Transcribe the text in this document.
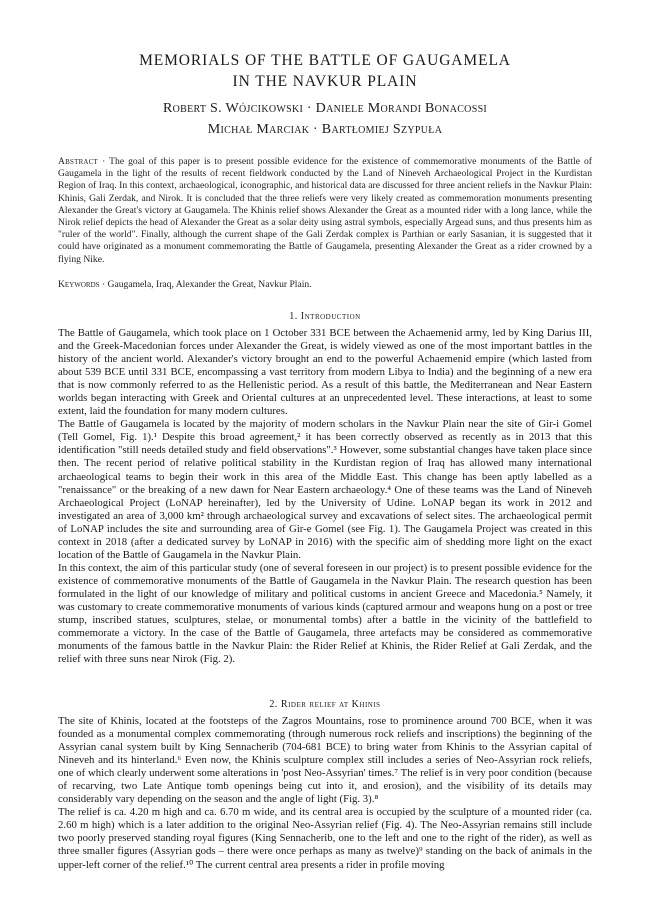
MEMORIALS OF THE BATTLE OF GAUGAMELA
IN THE NAVKUR PLAIN
Robert S. Wójcikowski · Daniele Morandi Bonacossi
Michał Marciak · Bartłomiej Szypuła
Abstract · The goal of this paper is to present possible evidence for the existence of commemorative monuments of the Battle of Gaugamela in the light of the results of recent fieldwork conducted by the Land of Nineveh Archaeological Project in the Kurdistan Region of Iraq. In this context, archaeological, iconographic, and historical data are discussed for three ancient reliefs in the Navkur Plain: Khinis, Gali Zerdak, and Nirok. It is concluded that the three reliefs were very likely created as commemoration monuments presenting Alexander the Great's victory at Gaugamela. The Khinis relief shows Alexander the Great as a mounted rider with a long lance, while the Nirok relief depicts the head of Alexander the Great as a solar deity using astral symbols, especially Argead suns, and thus presents him as "ruler of the world". Finally, although the current shape of the Gali Zerdak complex is Parthian or early Sasanian, it is suggested that it could have originated as a monument commemorating the Battle of Gaugamela, presenting Alexander the Great as a rider crowned by a flying Nike.
Keywords · Gaugamela, Iraq, Alexander the Great, Navkur Plain.
1. Introduction

The Battle of Gaugamela, which took place on 1 October 331 BCE between the Achaemenid army, led by King Darius III, and the Greek-Macedonian forces under Alexander the Great, is widely viewed as one of the most important battles in the history of the ancient world. Alexander's victory brought an end to the powerful Achaemenid empire (which lasted from about 539 BCE until 331 BCE, encompassing a vast territory from modern Libya to India) and the beginning of a new era that is now commonly referred to as the Hellenistic period. As a result of this battle, the Mediterranean and Near Eastern worlds began interacting with Greek and Oriental cultures at an unprecedented level. These interactions, at least to some extent, laid the foundation for many modern cultures.

The Battle of Gaugamela is located by the majority of modern scholars in the Navkur Plain near the site of Gir-i Gomel (Tell Gomel, Fig. 1).¹ Despite this broad agreement,² it has been correctly observed as recently as in 2013 that this identification "still needs detailed study and field observations".³ However, some substantial changes have taken place since then. The recent period of relative political stability in the Kurdistan region of Iraq has allowed many international archaeological teams to begin their work in this area of the Middle East. This change has been aptly labelled as a "renaissance" or the breaking of a new dawn for Near Eastern archaeology.⁴ One of these teams was the Land of Nineveh Archaeological Project (LoNAP hereinafter), led by the University of Udine. LoNAP began its work in 2012 and investigated an area of 3,000 km² through archaeological survey and excavations of select sites. The archaeological permit of LoNAP includes the site and surrounding area of Gir-e Gomel (see Fig. 1). The Gaugamela Project was created in this context in 2018 (after a dedicated survey by LoNAP in 2016) with the specific aim of shedding more light on the exact location of the Battle of Gaugamela in the Navkur Plain.

In this context, the aim of this particular study (one of several foreseen in our project) is to present possible evidence for the existence of commemorative monuments of the Battle of Gaugamela in the Navkur Plain. The research question has been formulated in the light of our knowledge of military and political customs in ancient Greece and Macedonia.⁵ Namely, it was customary to create commemorative monuments of various kinds (captured armour and weapons hung on a post or tree stump, inscribed statues, sculptures, stelae, or monumental tombs) after a battle in the vicinity of the battlefield to commemorate a victory. In the case of the Battle of Gaugamela, three artefacts may be considered as commemorative monuments of the famous battle in the Navkur Plain: the Rider Relief at Khinis, the Rider Relief at Gali Zerdak, and the relief with three suns near Nirok (Fig. 2).

2. Rider relief at Khinis

The site of Khinis, located at the footsteps of the Zagros Mountains, rose to prominence around 700 BCE, when it was founded as a monumental complex commemorating (through numerous rock reliefs and inscriptions) the beginning of the Assyrian canal system built by King Sennacherib (704-681 BCE) to bring water from Khinis to the Assyrian capital of Nineveh and its hinterland.⁶ Even now, the Khinis sculpture complex still includes a series of Neo-Assyrian rock reliefs, one of which clearly underwent some alterations in 'post Neo-Assyrian' times.⁷ The relief is in very poor condition (because of recarving, two Late Antique tomb openings being cut into it, and erosion), and the visibility of its details may considerably vary depending on the season and the angle of light (Fig. 3).⁸

The relief is ca. 4.20 m high and ca. 6.70 m wide, and its central area is occupied by the sculpture of a mounted rider (ca. 2.60 m high) which is a later addition to the original Neo-Assyrian relief (Fig. 4). The Neo-Assyrian remains still include two poorly preserved standing royal figures (King Sennacherib, one to the left and one to the right of the rider), as well as three smaller figures (Assyrian gods – there were once perhaps as many as twelve)⁹ standing on the back of animals in the upper-left corner of the relief.¹⁰ The current central area presents a rider in profile moving
